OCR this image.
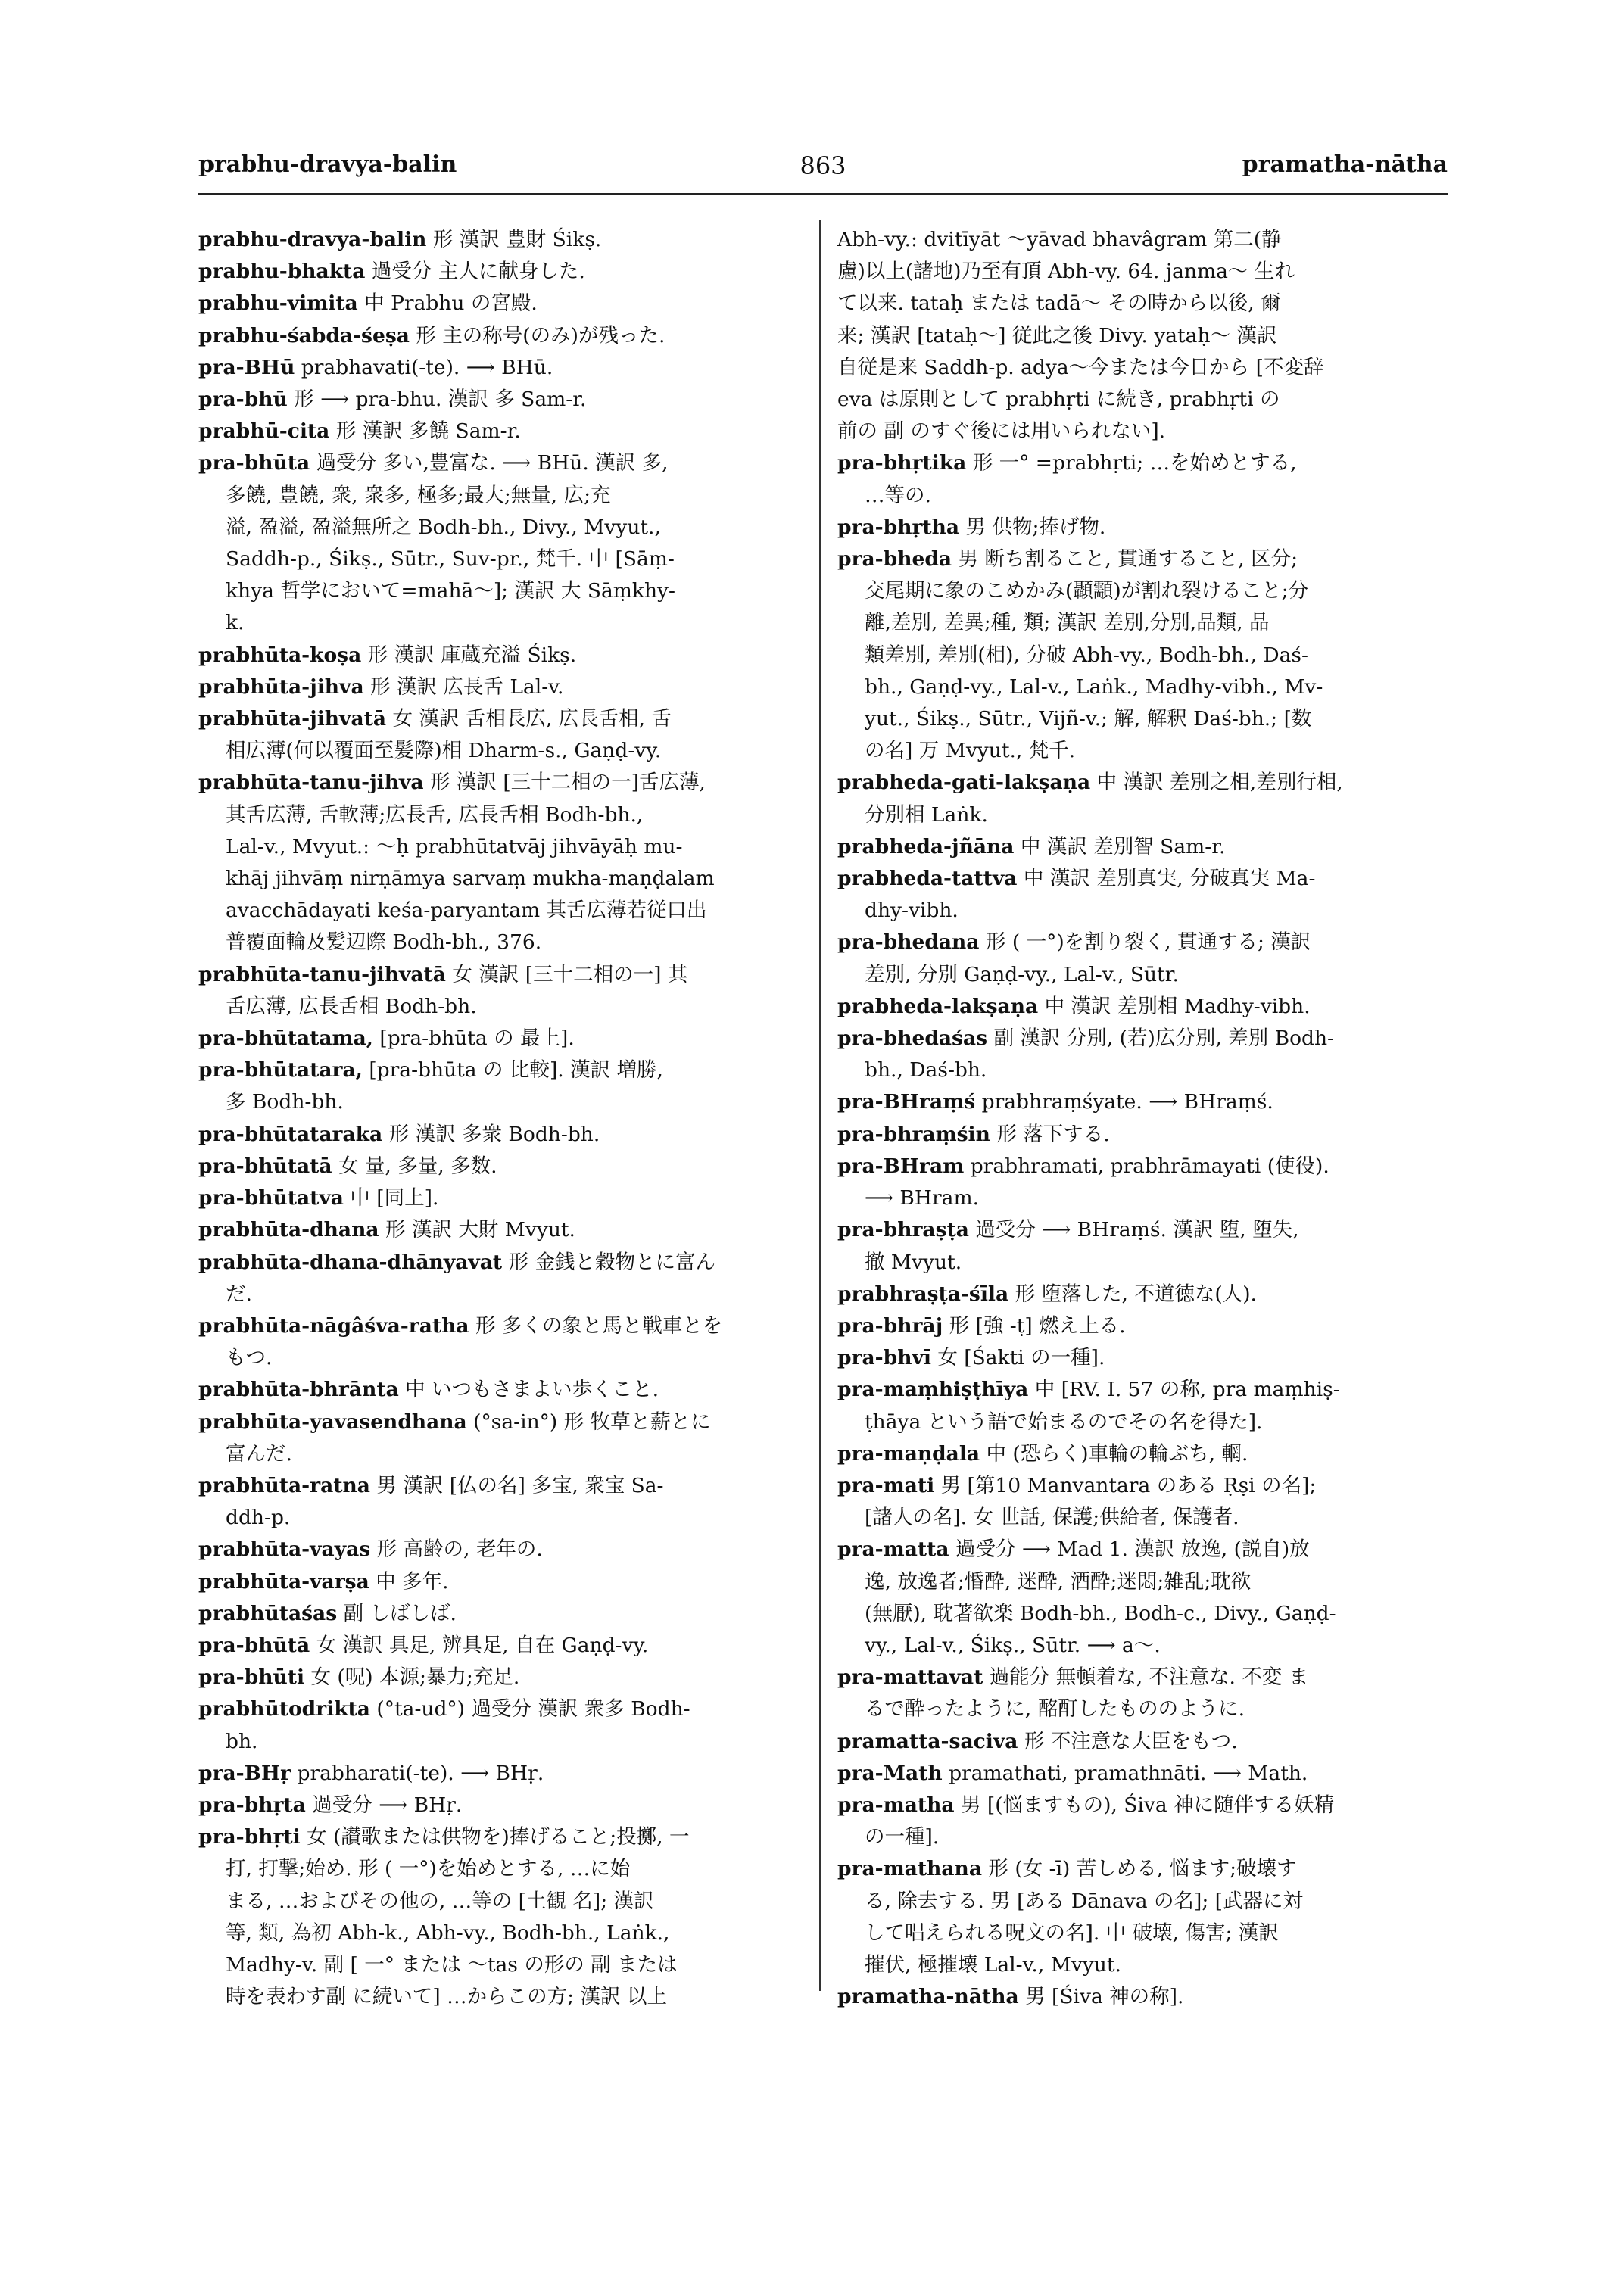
prabhu-dravya-balin	863	pramatha-nātha
prabhu-dravya-balin 形 漢訳 豊財 Śikṣ.
prabhu-bhakta 過受分 主人に献身した.
prabhu-vimita 中 Prabhu の宮殿.
prabhu-śabda-śeṣa 形 主の称号(のみ)が残った.
pra-BHū prabhavati(-te). ⟶ BHū.
pra-bhū 形 ⟶ pra-bhu. 漢訳 多 Sam-r.
prabhū-cita 形 漢訳 多饒 Sam-r.
pra-bhūta 過受分 多い,豊富な. ⟶ BHū. 漢訳 多,
多饒, 豊饒, 衆, 衆多, 極多;最大;無量, 広;充
溢, 盈溢, 盈溢無所之 Bodh-bh., Divy., Mvyut.,
Saddh-p., Śikṣ., Sūtr., Suv-pr., 梵千. 中 [Sāṃ-
khya 哲学において=mahā～]; 漢訳 大 Sāṃkhy-
k.
prabhūta-koṣa 形 漢訳 庫蔵充溢 Śikṣ.
prabhūta-jihva 形 漢訳 広長舌 Lal-v.
prabhūta-jihvatā 女 漢訳 舌相長広, 広長舌相, 舌
相広薄(何以覆面至髪際)相 Dharm-s., Gaṇḍ-vy.
prabhūta-tanu-jihva 形 漢訳 [三十二相の一]舌広薄,
其舌広薄, 舌軟薄;広長舌, 広長舌相 Bodh-bh.,
Lal-v., Mvyut.: ～ḥ prabhūtatvāj jihvāyāḥ mu-
khāj jihvāṃ nirṇāmya sarvaṃ mukha-maṇḍalam
avacchādayati keśa-paryantam 其舌広薄若従口出
普覆面輪及髪辺際 Bodh-bh., 376.
prabhūta-tanu-jihvatā 女 漢訳 [三十二相の一] 其
舌広薄, 広長舌相 Bodh-bh.
pra-bhūtatama, [pra-bhūta の 最上].
pra-bhūtatara, [pra-bhūta の 比較]. 漢訳 増勝,
多 Bodh-bh.
pra-bhūtataraka 形 漢訳 多衆 Bodh-bh.
pra-bhūtatā 女 量, 多量, 多数.
pra-bhūtatva 中 [同上].
prabhūta-dhana 形 漢訳 大財 Mvyut.
prabhūta-dhana-dhānyavat 形 金銭と穀物とに富ん
だ.
prabhūta-nāgâśva-ratha 形 多くの象と馬と戦車とを
もつ.
prabhūta-bhrānta 中 いつもさまよい歩くこと.
prabhūta-yavasendhana (°sa-in°) 形 牧草と薪とに
富んだ.
prabhūta-ratna 男 漢訳 [仏の名] 多宝, 衆宝 Sa-
ddh-p.
prabhūta-vayas 形 高齢の, 老年の.
prabhūta-varṣa 中 多年.
prabhūtaśas 副 しばしば.
pra-bhūtā 女 漢訳 具足, 辨具足, 自在 Gaṇḍ-vy.
pra-bhūti 女 (呪) 本源;暴力;充足.
prabhūtodrikta (°ta-ud°) 過受分 漢訳 衆多 Bodh-
bh.
pra-BHṛ prabharati(-te). ⟶ BHṛ.
pra-bhṛta 過受分 ⟶ BHṛ.
pra-bhṛti 女 (讃歌または供物を)捧げること;投擲, 一
打, 打撃;始め. 形 ( 一°)を始めとする, …に始
まる, …およびその他の, …等の [土観 名]; 漢訳
等, 類, 為初 Abh-k., Abh-vy., Bodh-bh., Laṅk.,
Madhy-v. 副 [ 一° または ～tas の形の 副 または
時を表わす副 に続いて] …からこの方; 漢訳 以上
Abh-vy.: dvitīyāt ～yāvad bhavâgram 第二(静
慮)以上(諸地)乃至有頂 Abh-vy. 64. janma～ 生れ
て以来. tataḥ または tadā～ その時から以後, 爾
来; 漢訳 [tataḥ～] 従此之後 Divy. yataḥ～ 漢訳
自従是来 Saddh-p. adya～今または今日から [不変辞
eva は原則として prabhṛti に続き, prabhṛti の
前の 副 のすぐ後には用いられない].
pra-bhṛtika 形 一° =prabhṛti; …を始めとする,
…等の.
pra-bhṛtha 男 供物;捧げ物.
pra-bheda 男 断ち割ること, 貫通すること, 区分;
交尾期に象のこめかみ(顳顬)が割れ裂けること;分
離,差別, 差異;種, 類; 漢訳 差別,分別,品類, 品
類差別, 差別(相), 分破 Abh-vy., Bodh-bh., Daś-
bh., Gaṇḍ-vy., Lal-v., Laṅk., Madhy-vibh., Mv-
yut., Śikṣ., Sūtr., Vijñ-v.; 解, 解釈 Daś-bh.; [数
の名] 万 Mvyut., 梵千.
prabheda-gati-lakṣaṇa 中 漢訳 差別之相,差別行相,
分別相 Laṅk.
prabheda-jñāna 中 漢訳 差別智 Sam-r.
prabheda-tattva 中 漢訳 差別真実, 分破真実 Ma-
dhy-vibh.
pra-bhedana 形 ( 一°)を割り裂く, 貫通する; 漢訳
差別, 分別 Gaṇḍ-vy., Lal-v., Sūtr.
prabheda-lakṣaṇa 中 漢訳 差別相 Madhy-vibh.
pra-bhedaśas 副 漢訳 分別, (若)広分別, 差別 Bodh-
bh., Daś-bh.
pra-BHraṃś prabhraṃśyate. ⟶ BHraṃś.
pra-bhraṃśin 形 落下する.
pra-BHram prabhramati, prabhrāmayati (使役).
⟶ BHram.
pra-bhraṣṭa 過受分 ⟶ BHraṃś. 漢訳 堕, 堕失,
撤 Mvyut.
prabhraṣṭa-śīla 形 堕落した, 不道徳な(人).
pra-bhrāj 形 [強 -ṭ] 燃え上る.
pra-bhvī 女 [Śakti の一種].
pra-maṃhiṣṭhīya 中 [RV. I. 57 の称, pra maṃhiṣ-
ṭhāya という語で始まるのでその名を得た].
pra-maṇḍala 中 (恐らく)車輪の輪ぶち, 輞.
pra-mati 男 [第10 Manvantara のある Ṛṣi の名];
[諸人の名]. 女 世話, 保護;供給者, 保護者.
pra-matta 過受分 ⟶ Mad 1. 漢訳 放逸, (説自)放
逸, 放逸者;惛酔, 迷酔, 酒酔;迷悶;雑乱;耽欲
(無厭), 耽著欲楽 Bodh-bh., Bodh-c., Divy., Gaṇḍ-
vy., Lal-v., Śikṣ., Sūtr. ⟶ a～.
pra-mattavat 過能分 無頓着な, 不注意な. 不変 ま
るで酔ったように, 酩酊したもののように.
pramatta-saciva 形 不注意な大臣をもつ.
pra-Math pramathati, pramathnāti. ⟶ Math.
pra-matha 男 [(悩ますもの), Śiva 神に随伴する妖精
の一種].
pra-mathana 形 (女 -ī) 苦しめる, 悩ます;破壊す
る, 除去する. 男 [ある Dānava の名]; [武器に対
して唱えられる呪文の名]. 中 破壊, 傷害; 漢訳
摧伏, 極摧壊 Lal-v., Mvyut.
pramatha-nātha 男 [Śiva 神の称].
